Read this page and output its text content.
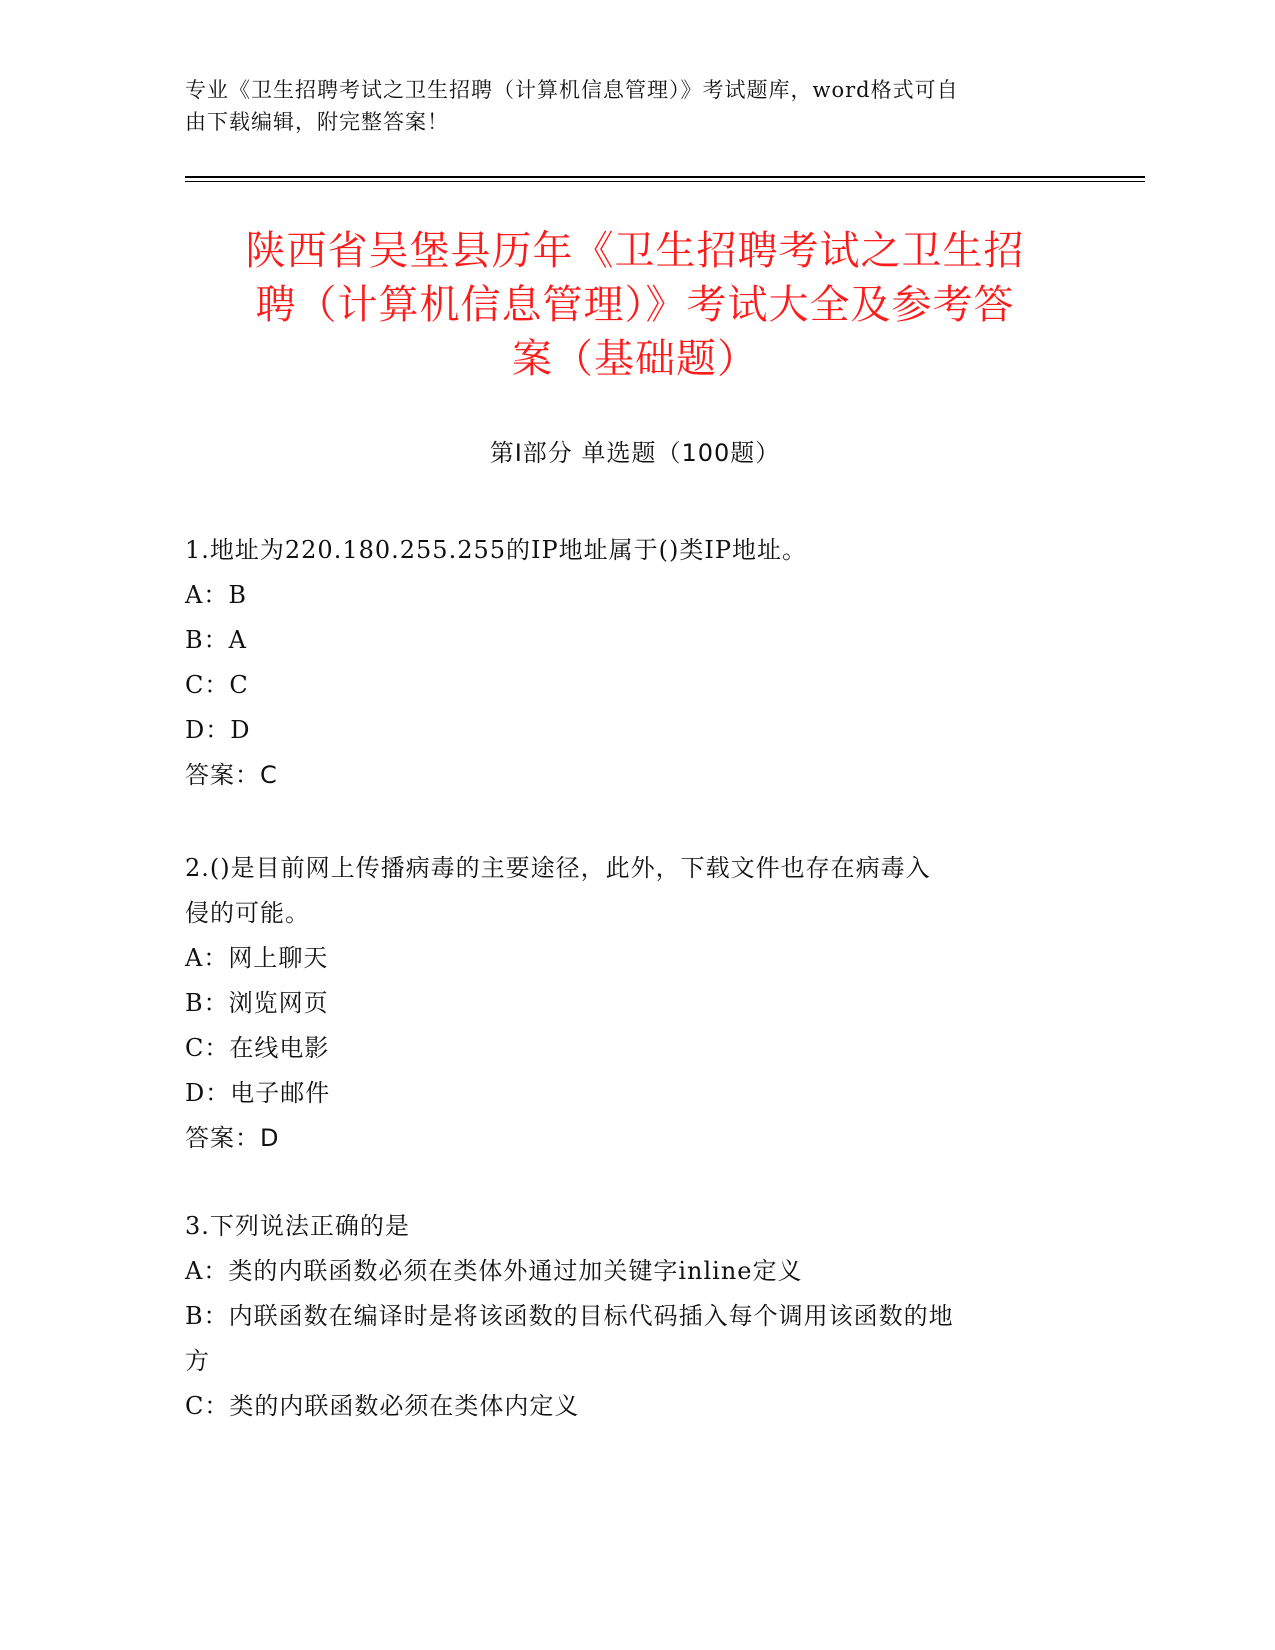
专业《卫生招聘考试之卫生招聘（计算机信息管理）》考试题库，word格式可自
由下载编辑，附完整答案！
陕西省吴堡县历年《卫生招聘考试之卫生招
聘（计算机信息管理）》考试大全及参考答
案（基础题）
第Ⅰ部分 单选题（100题）
1.地址为220.180.255.255的IP地址属于()类IP地址。
A：B
B：A
C：C
D：D
答案：C
2.()是目前网上传播病毒的主要途径，此外，下载文件也存在病毒入
侵的可能。
A：网上聊天
B：浏览网页
C：在线电影
D：电子邮件
答案：D
3.下列说法正确的是
A：类的内联函数必须在类体外通过加关键字inline定义
B：内联函数在编译时是将该函数的目标代码插入每个调用该函数的地
方
C：类的内联函数必须在类体内定义
